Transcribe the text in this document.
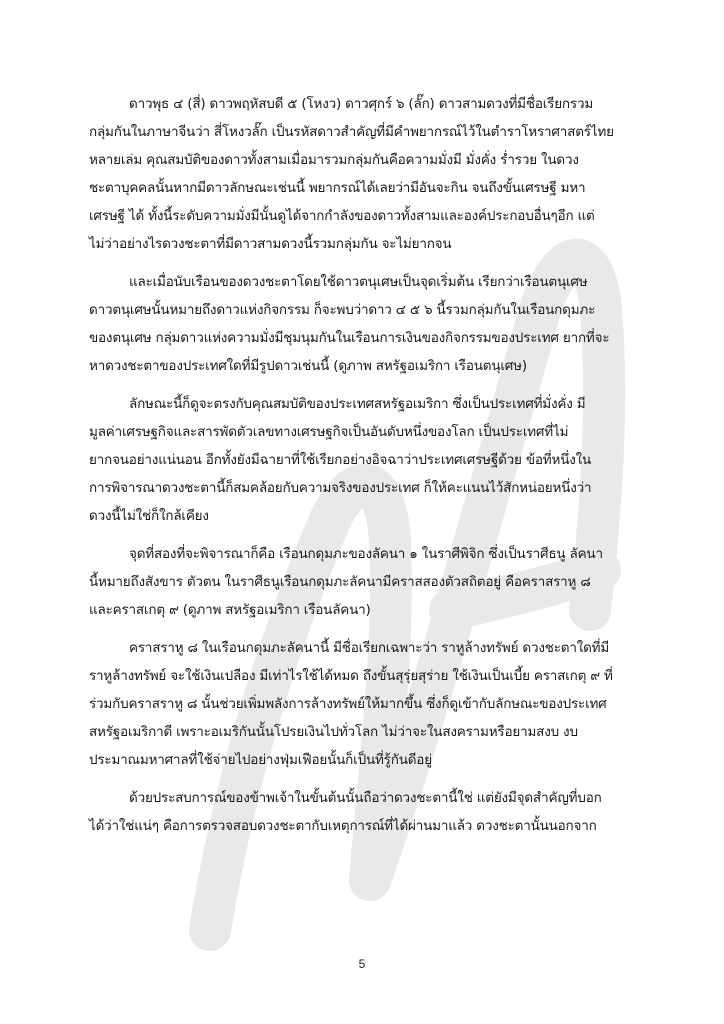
ดาวพุธ ๔ (สี่) ดาวพฤหัสบดี ๕ (โหงว) ดาวศุกร์ ๖ (ลั๊ก) ดาวสามดวงที่มีชื่อเรียกรวม
กลุ่มกันในภาษาจีนว่า สี่โหงวลั๊ก เป็นรหัสดาวสำคัญที่มีคำพยากรณ์ไว้ในตำราโหราศาสตร์ไทย
หลายเล่ม คุณสมบัติของดาวทั้งสามเมื่อมารวมกลุ่มกันคือความมั่งมี มั่งคั่ง ร่ำรวย ในดวง
ชะตาบุคคลนั้นหากมีดาวลักษณะเช่นนี้ พยากรณ์ได้เลยว่ามีอันจะกิน จนถึงขั้นเศรษฐี มหา
เศรษฐี ได้ ทั้งนี้ระดับความมั่งมีนั้นดูได้จากกำลังของดาวทั้งสามและองค์ประกอบอื่นๆอีก แต่
ไม่ว่าอย่างไรดวงชะตาที่มีดาวสามดวงนี้รวมกลุ่มกัน จะไม่ยากจน
และเมื่อนับเรือนของดวงชะตาโดยใช้ดาวตนุเศษเป็นจุดเริ่มต้น เรียกว่าเรือนตนุเศษ
ดาวตนุเศษนั้นหมายถึงดาวแห่งกิจกรรม ก็จะพบว่าดาว ๔ ๕ ๖ นี้รวมกลุ่มกันในเรือนกดุมภะ
ของตนุเศษ กลุ่มดาวแห่งความมั่งมีชุมนุมกันในเรือนการเงินของกิจกรรมของประเทศ ยากที่จะ
หาดวงชะตาของประเทศใดที่มีรูปดาวเช่นนี้ (ดูภาพ สหรัฐอเมริกา เรือนตนุเศษ)
ลักษณะนี้ก็ดูจะตรงกับคุณสมบัติของประเทศสหรัฐอเมริกา ซึ่งเป็นประเทศที่มั่งคั่ง มี
มูลค่าเศรษฐกิจและสารพัดตัวเลขทางเศรษฐกิจเป็นอันดับหนึ่งของโลก เป็นประเทศที่ไม่
ยากจนอย่างแน่นอน อีกทั้งยังมีฉายาที่ใช้เรียกอย่างอิจฉาว่าประเทศเศรษฐีด้วย ข้อที่หนึ่งใน
การพิจารณาดวงชะตานี้ก็สมคล้อยกับความจริงของประเทศ ก็ให้คะแนนไว้สักหน่อยหนึ่งว่า
ดวงนี้ไม่ใช่ก็ใกล้เคียง
จุดที่สองที่จะพิจารณาก็คือ เรือนกดุมภะของลัคนา ๑ ในราศีพิจิก ซึ่งเป็นราศีธนู ลัคนา
นี้หมายถึงสังขาร ตัวตน ในราศีธนูเรือนกดุมภะลัคนามีคราสสองตัวสถิตอยู่ คือคราสราหู ๘
และคราสเกตุ ๙ (ดูภาพ สหรัฐอเมริกา เรือนลัคนา)
คราสราหู ๘ ในเรือนกดุมภะลัคนานี้ มีชื่อเรียกเฉพาะว่า ราหูล้างทรัพย์ ดวงชะตาใดที่มี
ราหูล้างทรัพย์ จะใช้เงินเปลือง มีเท่าไรใช้ได้หมด ถึงขั้นสุรุ่ยสุร่าย ใช้เงินเป็นเบี้ย คราสเกตุ ๙ ที่
ร่วมกับคราสราหู ๘ นั้นช่วยเพิ่มพลังการล้างทรัพย์ให้มากขึ้น ซึ่งก็ดูเข้ากับลักษณะของประเทศ
สหรัฐอเมริกาดี เพราะอเมริกันนั้นโปรยเงินไปทั่วโลก ไม่ว่าจะในสงครามหรือยามสงบ งบ
ประมาณมหาศาลที่ใช้จ่ายไปอย่างฟุ่มเฟือยนั้นก็เป็นที่รู้กันดีอยู่
ด้วยประสบการณ์ของข้าพเจ้าในขั้นต้นนั้นถือว่าดวงชะตานี้ใช่ แต่ยังมีจุดสำคัญที่บอก
ได้ว่าใช่แน่ๆ คือการตรวจสอบดวงชะตากับเหตุการณ์ที่ได้ผ่านมาแล้ว ดวงชะตานั้นนอกจาก
5
